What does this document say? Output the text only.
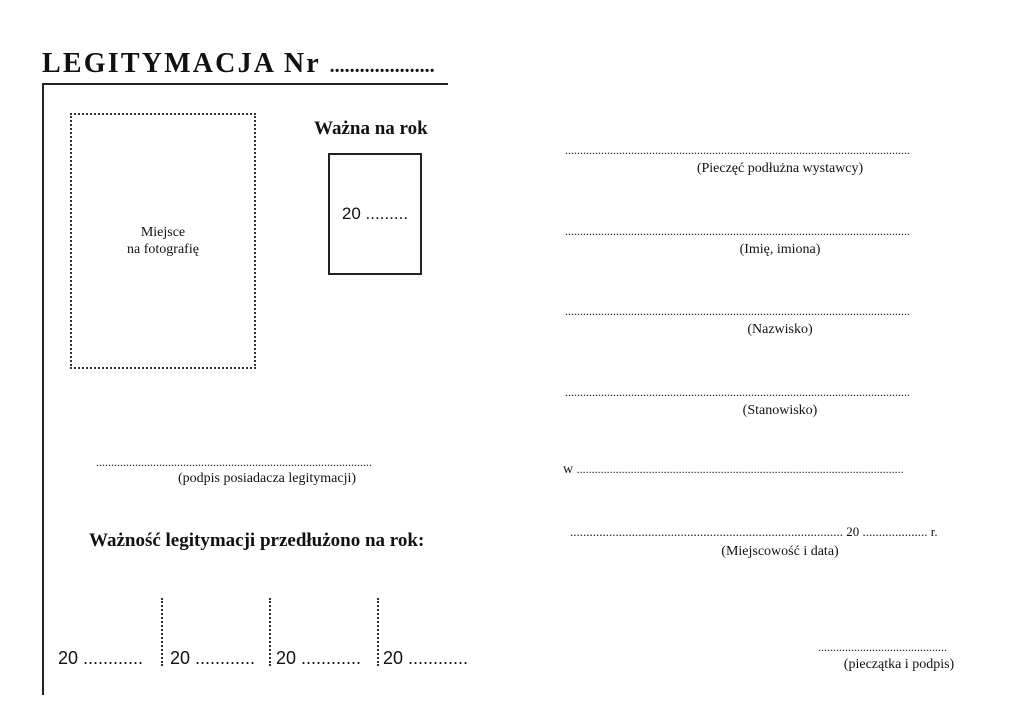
LEGITYMACJA Nr .....................
Miejsce
na fotografię
Ważna na rok
20 .........
............................................................................................
(podpis posiadacza legitymacji)
Ważność legitymacji przedłużono na rok:
20 ............ 20 ............ 20 ............ 20 ............
...................................................................................................................
(Pieczęć podłużna wystawcy)
...................................................................................................................
(Imię, imiona)
...................................................................................................................
(Nazwisko)
...................................................................................................................
(Stanowisko)
w .............................................................................................................
.................................................................................... 20 .................... r.
(Miejscowość i data)
...........................................
(pieczątka i podpis)
